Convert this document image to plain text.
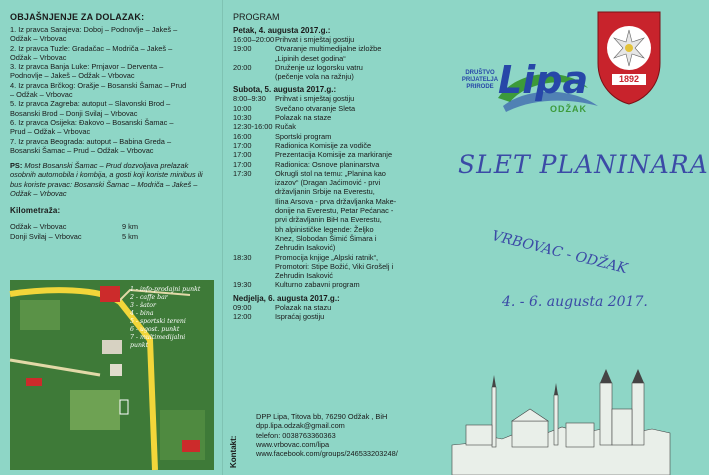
OBJAŠNJENJE ZA DOLAZAK:
1. Iz pravca Sarajeva: Doboj – Podnovlje – Jakeš –
Odžak – Vrbovac
2. Iz pravca Tuzle: Gradačac – Modriča – Jakeš –
Odžak – Vrbovac
3. Iz pravca Banja Luke: Prnjavor – Derventa –
Podnovlje – Jakeš – Odžak – Vrbovac
4. Iz pravca Brčkog: Orašje – Bosanski Šamac – Prud
– Odžak – Vrbovac
5. Iz pravca Zagreba: autoput – Slavonski Brod –
Bosanski Brod – Donji Svilaj – Vrbovac
6. Iz pravca Osijeka: Đakovo – Bosanski Šamac –
Prud – Odžak – Vrbovac
7. Iz pravca Beograda: autoput – Babina Greda –
Bosanski Šamac – Prud – Odžak – Vrbovac
PS: Most Bosanski Šamac – Prud dozvoljava prelazak osobnih automobila i kombija, a gosti koji koriste minibus ili bus koriste pravac: Bosanski Šamac – Modriča – Jakeš – Odžak – Vrbovac
Kilometraža:
Odžak – Vrbovac	9 km
Donji Svilaj – Vrbovac	5 km
1 - info-prodajni punkt
2 - caffe bar
3 - šator
4 - bina
5 - sportski tereni
6 - ugost. punkt
7 - multimedijalni
punkt
PROGRAM
Petak, 4. augusta 2017.g.:
16:00–20:00 Prihvat i smještaj gostiju
19:00	Otvaranje multimedijalne izložbe
„Lipinih deset godina“
20:00	Druženje uz logorsku vatru
(pečenje vola na ražnju)
Subota, 5. augusta 2017.g.:
8:00–9:30	Prihvat i smještaj gostiju
10:00	Svečano otvaranje Sleta
10:30	Polazak na staze
12:30-16:00 Ručak
16:00	Sportski program
17:00	Radionica Komisije za vodiče
17:00	Prezentacija Komisije za markiranje
17:00	Radionica: Osnove planinarstva
17:30	Okrugli stol na temu: „Planina kao
izazov“ (Dragan Jaćimović - prvi
državljanin Srbije na Everestu,
Ilina Arsova - prva državljanka Make-
donije na Everestu, Petar Pećanac -
prvi državljanin BiH na Everestu,
bh alpinističke legende: Željko
Knez, Slobodan Šimić Šimara i
Zehrudin Isaković)
18:30	Promocija knjige „Alpski ratnik“,
Promotori: Stipe Božić, Viki Grošelj i
Zehrudin Isaković
19:30	Kulturno zabavni program
Nedjelja, 6. augusta 2017.g.:
09:00	Polazak na stazu
12:00	Ispraćaj gostiju
Kontakt:
DPP Lipa, Titova bb, 76290 Odžak , BiH
dpp.lipa.odzak@gmail.com
telefon: 0038763360363
www.vrbovac.com/lipa
www.facebook.com/groups/246533203248/
Lipa
DRUŠTVO
PRIJATELJA
PRIRODE
ODŽAK
1892
SLET PLANINARA
VRBOVAC - ODŽAK
4. - 6. augusta 2017.
